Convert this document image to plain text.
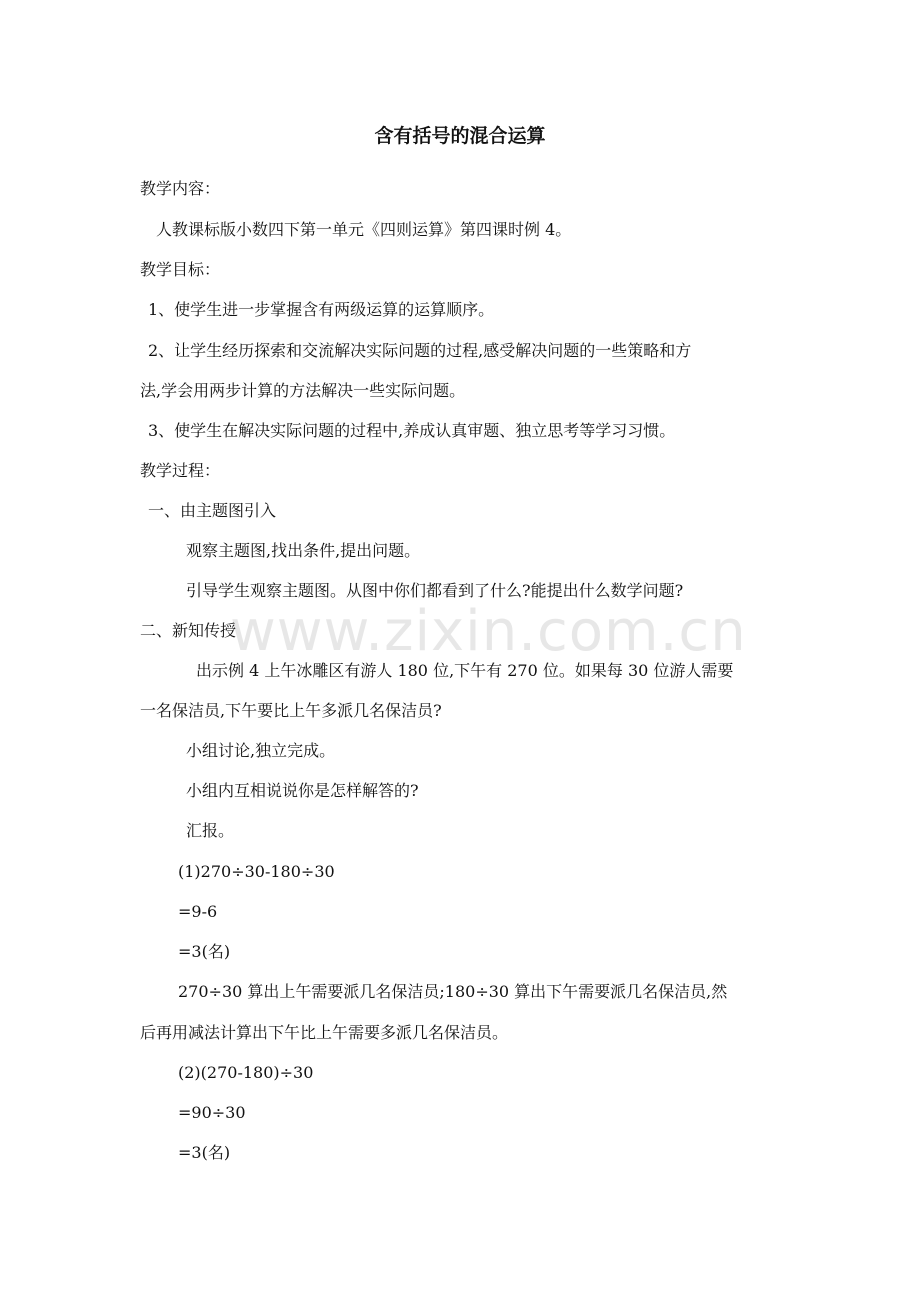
www.zixin.com.cn
含有括号的混合运算
教学内容：
人教课标版小数四下第一单元《四则运算》第四课时例 4。
教学目标：
1、使学生进一步掌握含有两级运算的运算顺序。
2、让学生经历探索和交流解决实际问题的过程,感受解决问题的一些策略和方
法,学会用两步计算的方法解决一些实际问题。
3、使学生在解决实际问题的过程中,养成认真审题、独立思考等学习习惯。
教学过程：
一、由主题图引入
观察主题图,找出条件,提出问题。
引导学生观察主题图。从图中你们都看到了什么?能提出什么数学问题?
二、新知传授
出示例 4 上午冰雕区有游人 180 位,下午有 270 位。如果每 30 位游人需要
一名保洁员,下午要比上午多派几名保洁员?
小组讨论,独立完成。
小组内互相说说你是怎样解答的?
汇报。
(1)270÷30-180÷30
=9-6
=3(名)
270÷30 算出上午需要派几名保洁员;180÷30 算出下午需要派几名保洁员,然
后再用减法计算出下午比上午需要多派几名保洁员。
(2)(270-180)÷30
=90÷30
=3(名)
